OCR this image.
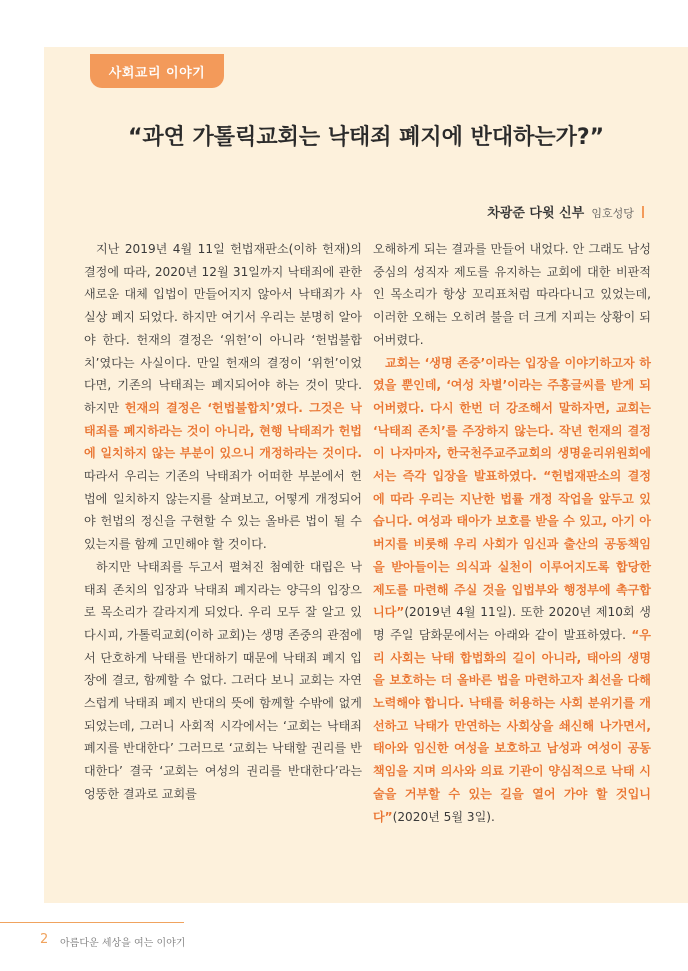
사회교리 이야기
“과연 가톨릭교회는 낙태죄 폐지에 반대하는가?”
차광준 다윗 신부 임호성당

지난 2019년 4월 11일 헌법재판소(이하 헌재)의 결정에 따라, 2020년 12월 31일까지 낙태죄에 관한 새로운 대체 입법이 만들어지지 않아서 낙태죄가 사실상 폐지 되었다. 하지만 여기서 우리는 분명히 알아야 한다. 헌재의 결정은 ‘위헌’이 아니라 ‘헌법불합치’였다는 사실이다. 만일 헌재의 결정이 ‘위헌’이었다면, 기존의 낙태죄는 폐지되어야 하는 것이 맞다. 하지만 헌재의 결정은 ‘헌법불합치’였다. 그것은 낙태죄를 폐지하라는 것이 아니라, 현행 낙태죄가 헌법에 일치하지 않는 부분이 있으니 개정하라는 것이다. 따라서 우리는 기존의 낙태죄가 어떠한 부분에서 헌법에 일치하지 않는지를 살펴보고, 어떻게 개정되어야 헌법의 정신을 구현할 수 있는 올바른 법이 될 수 있는지를 함께 고민해야 할 것이다.

하지만 낙태죄를 두고서 펼쳐진 첨예한 대립은 낙태죄 존치의 입장과 낙태죄 폐지라는 양극의 입장으로 목소리가 갈라지게 되었다. 우리 모두 잘 알고 있다시피, 가톨릭교회(이하 교회)는 생명 존중의 관점에서 단호하게 낙태를 반대하기 때문에 낙태죄 폐지 입장에 결코, 함께할 수 없다. 그러다 보니 교회는 자연스럽게 낙태죄 폐지 반대의 뜻에 함께할 수밖에 없게 되었는데, 그러니 사회적 시각에서는 ‘교회는 낙태죄 폐지를 반대한다’ 그러므로 ‘교회는 낙태할 권리를 반대한다’ 결국 ‘교회는 여성의 권리를 반대한다’라는 엉뚱한 결과로 교회를

오해하게 되는 결과를 만들어 내었다. 안 그래도 남성 중심의 성직자 제도를 유지하는 교회에 대한 비판적인 목소리가 항상 꼬리표처럼 따라다니고 있었는데, 이러한 오해는 오히려 불을 더 크게 지피는 상황이 되어버렸다.

교회는 ‘생명 존중’이라는 입장을 이야기하고자 하였을 뿐인데, ‘여성 차별’이라는 주홍글씨를 받게 되어버렸다. 다시 한번 더 강조해서 말하자면, 교회는 ‘낙태죄 존치’를 주장하지 않는다. 작년 헌재의 결정이 나자마자, 한국천주교주교회의 생명윤리위원회에서는 즉각 입장을 발표하였다. “헌법재판소의 결정에 따라 우리는 지난한 법률 개정 작업을 앞두고 있습니다. 여성과 태아가 보호를 받을 수 있고, 아기 아버지를 비롯해 우리 사회가 임신과 출산의 공동책임을 받아들이는 의식과 실천이 이루어지도록 합당한 제도를 마련해 주실 것을 입법부와 행정부에 촉구합니다”(2019년 4월 11일). 또한 2020년 제10회 생명 주일 담화문에서는 아래와 같이 발표하였다. “우리 사회는 낙태 합법화의 길이 아니라, 태아의 생명을 보호하는 더 올바른 법을 마련하고자 최선을 다해 노력해야 합니다. 낙태를 허용하는 사회 분위기를 개선하고 낙태가 만연하는 사회상을 쇄신해 나가면서, 태아와 임신한 여성을 보호하고 남성과 여성이 공동 책임을 지며 의사와 의료 기관이 양심적으로 낙태 시술을 거부할 수 있는 길을 열어 가야 할 것입니다”(2020년 5월 3일).

2 아름다운 세상을 여는 이야기
